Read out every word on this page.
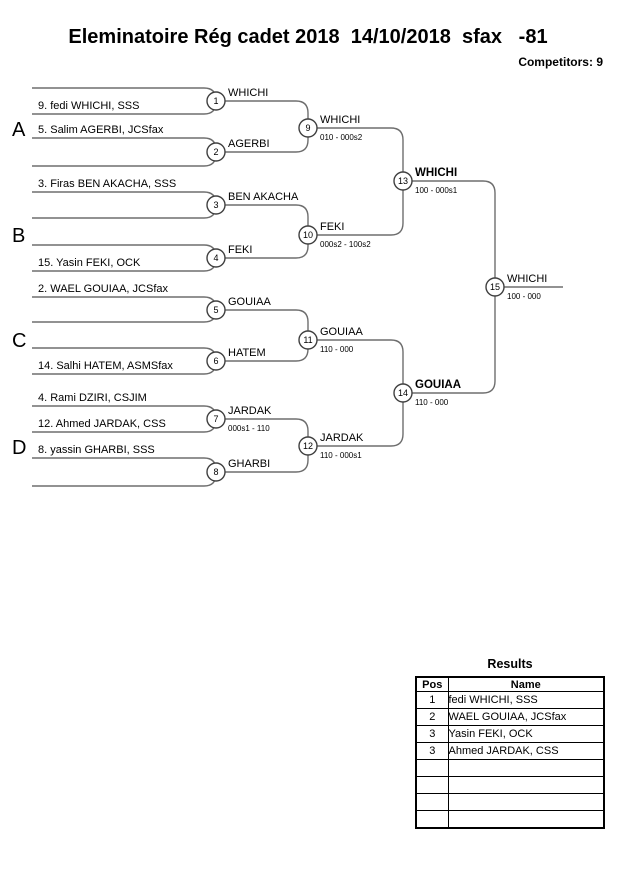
Eleminatoire Rég cadet 2018  14/10/2018  sfax   -81
Competitors: 9
A
B
C
D
9. fedi WHICHI, SSS
5. Salim AGERBI, JCSfax
3. Firas BEN AKACHA, SSS
15. Yasin FEKI, OCK
2. WAEL GOUIAA, JCSfax
14. Salhi HATEM, ASMSfax
4. Rami DZIRI, CSJIM
12. Ahmed JARDAK, CSS
8. yassin GHARBI, SSS
WHICHI
AGERBI
BEN AKACHA
FEKI
GOUIAA
HATEM
JARDAK
GHARBI
WHICHI
FEKI
GOUIAA
JARDAK
WHICHI
GOUIAA
WHICHI
000s1 - 110
010 - 000s2
000s2 - 100s2
110 - 000
110 - 000s1
100 - 000s1
110 - 000
100 - 000
1
2
3
4
5
6
7
8
9
10
11
12
13
14
15
Results
Pos	Name
1	fedi WHICHI, SSS
2	WAEL GOUIAA, JCSfax
3	Yasin FEKI, OCK
3	Ahmed JARDAK, CSS
